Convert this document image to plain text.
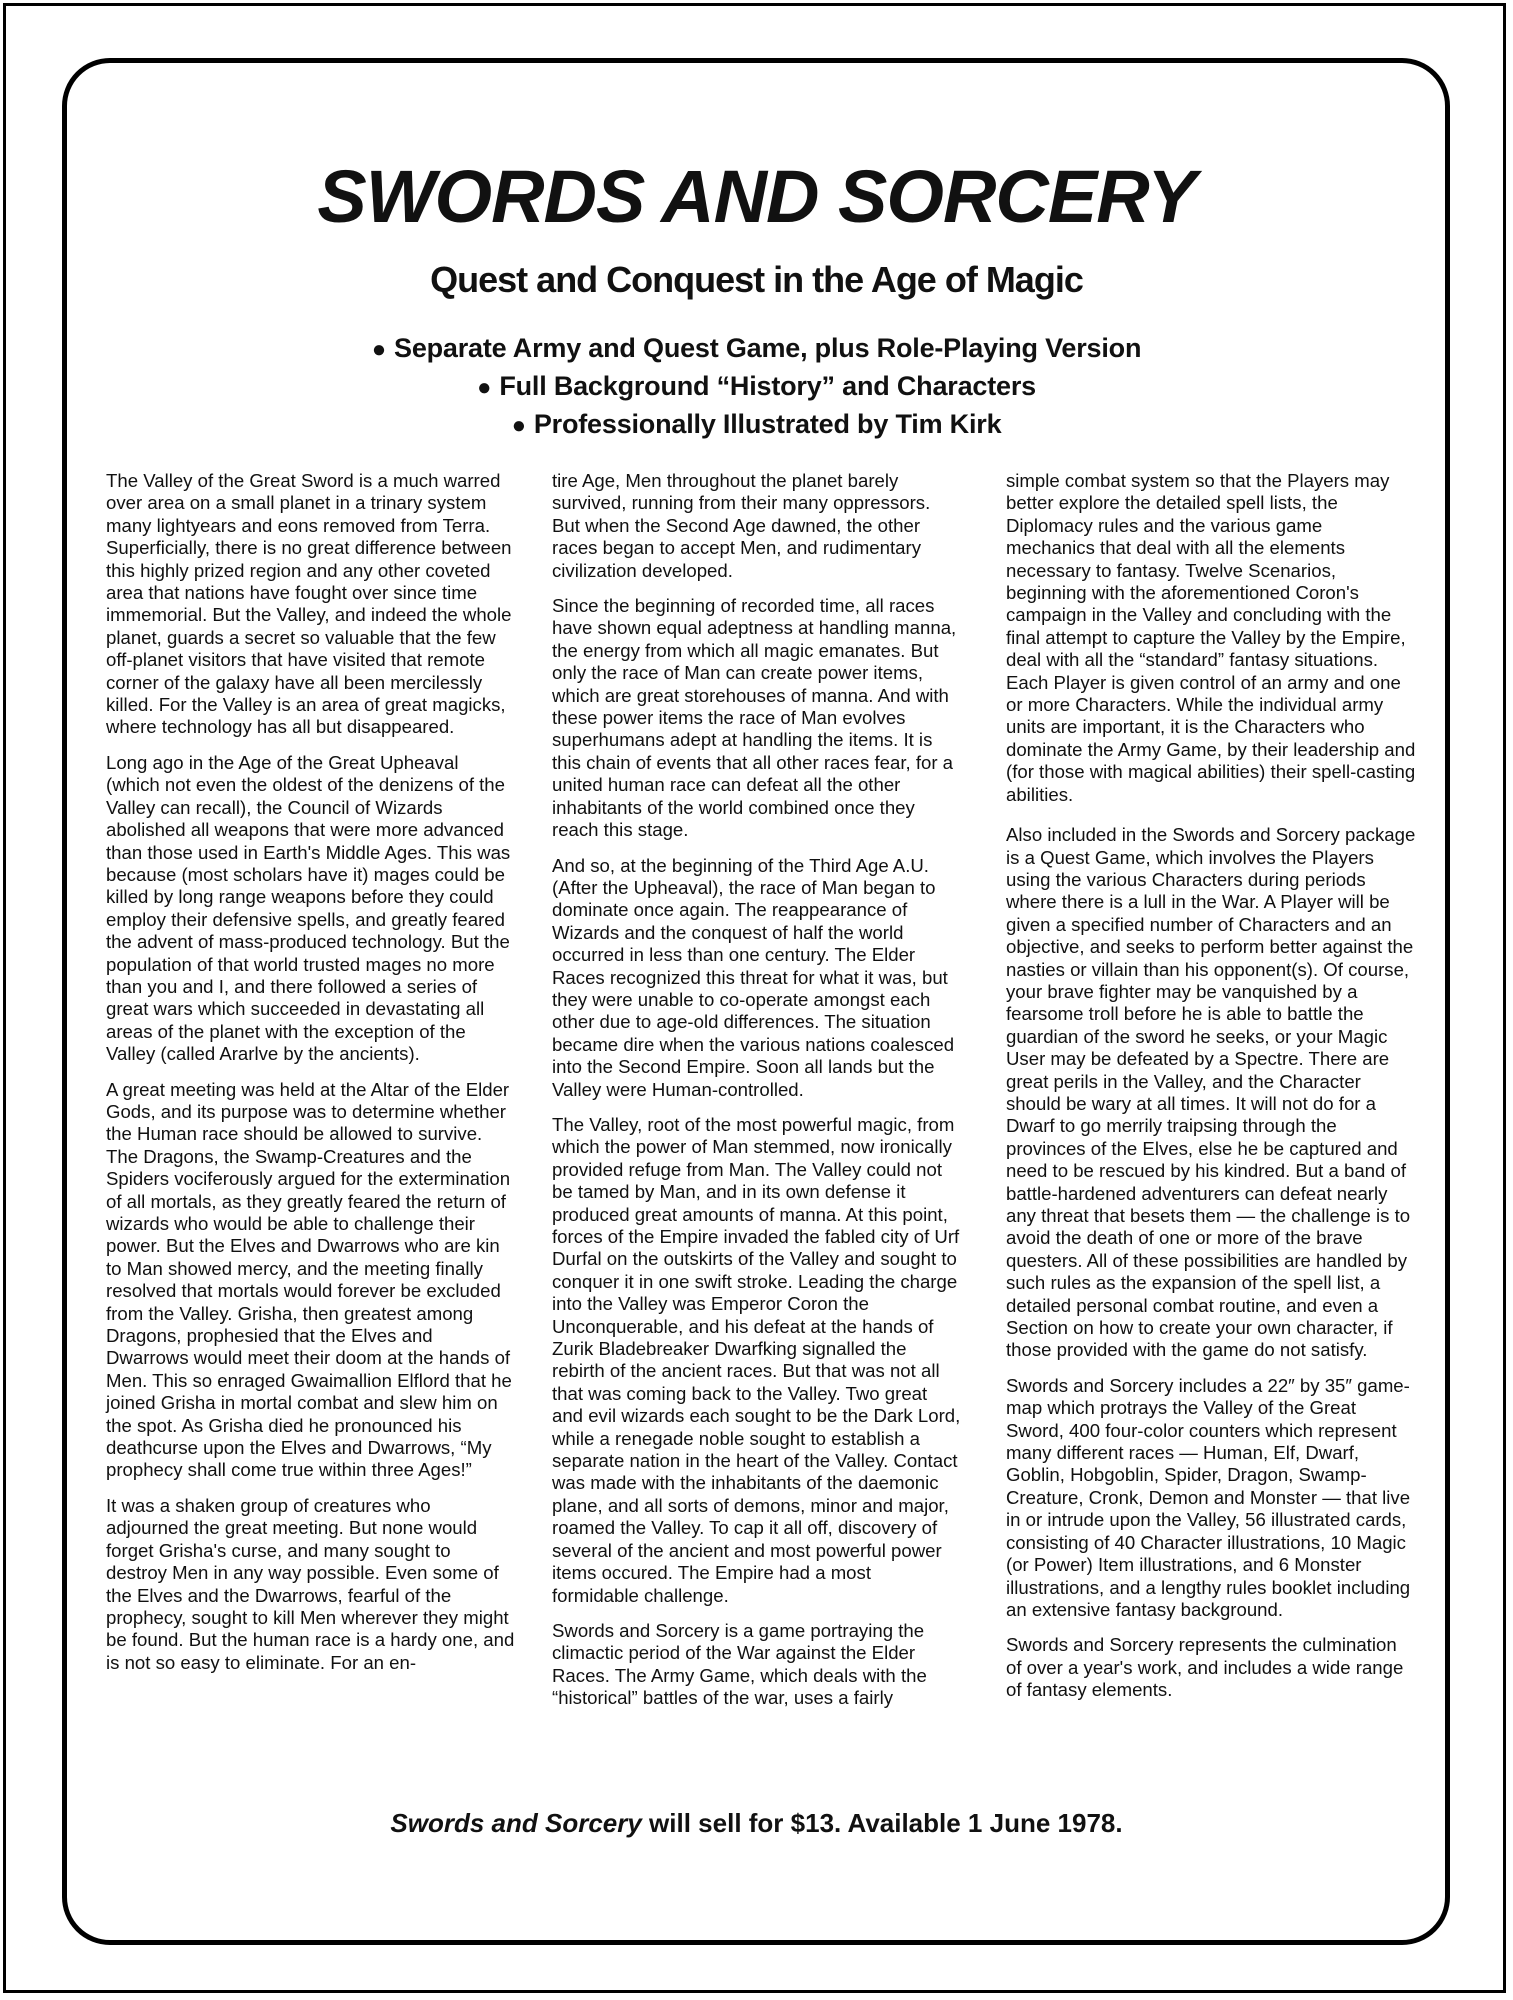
SWORDS AND SORCERY
Quest and Conquest in the Age of Magic
● Separate Army and Quest Game, plus Role-Playing Version
● Full Background “History” and Characters
● Professionally Illustrated by Tim Kirk

The Valley of the Great Sword is a much warred over area on a small planet in a trinary system many lightyears and eons removed from Terra. Superficially, there is no great difference between this highly prized region and any other coveted area that nations have fought over since time immemorial. But the Valley, and indeed the whole planet, guards a secret so valuable that the few off-planet visitors that have visited that remote corner of the galaxy have all been mercilessly killed. For the Valley is an area of great magicks, where technology has all but disappeared.

Long ago in the Age of the Great Upheaval (which not even the oldest of the denizens of the Valley can recall), the Council of Wizards abolished all weapons that were more advanced than those used in Earth's Middle Ages. This was because (most scholars have it) mages could be killed by long range weapons before they could employ their defensive spells, and greatly feared the advent of mass-produced technology. But the population of that world trusted mages no more than you and I, and there followed a series of great wars which succeeded in devastating all areas of the planet with the exception of the Valley (called Ararlve by the ancients).

A great meeting was held at the Altar of the Elder Gods, and its purpose was to determine whether the Human race should be allowed to survive. The Dragons, the Swamp-Creatures and the Spiders vociferously argued for the extermination of all mortals, as they greatly feared the return of wizards who would be able to challenge their power. But the Elves and Dwarrows who are kin to Man showed mercy, and the meeting finally resolved that mortals would forever be excluded from the Valley. Grisha, then greatest among Dragons, prophesied that the Elves and Dwarrows would meet their doom at the hands of Men. This so enraged Gwaimallion Elflord that he joined Grisha in mortal combat and slew him on the spot. As Grisha died he pronounced his deathcurse upon the Elves and Dwarrows, “My prophecy shall come true within three Ages!”

It was a shaken group of creatures who adjourned the great meeting. But none would forget Grisha's curse, and many sought to destroy Men in any way possible. Even some of the Elves and the Dwarrows, fearful of the prophecy, sought to kill Men wherever they might be found. But the human race is a hardy one, and is not so easy to eliminate. For an en-

tire Age, Men throughout the planet barely survived, running from their many oppressors. But when the Second Age dawned, the other races began to accept Men, and rudimentary civilization developed.

Since the beginning of recorded time, all races have shown equal adeptness at handling manna, the energy from which all magic emanates. But only the race of Man can create power items, which are great storehouses of manna. And with these power items the race of Man evolves superhumans adept at handling the items. It is this chain of events that all other races fear, for a united human race can defeat all the other inhabitants of the world combined once they reach this stage.

And so, at the beginning of the Third Age A.U. (After the Upheaval), the race of Man began to dominate once again. The reappearance of Wizards and the conquest of half the world occurred in less than one century. The Elder Races recognized this threat for what it was, but they were unable to co-operate amongst each other due to age-old differences. The situation became dire when the various nations coalesced into the Second Empire. Soon all lands but the Valley were Human-controlled.

The Valley, root of the most powerful magic, from which the power of Man stemmed, now ironically provided refuge from Man. The Valley could not be tamed by Man, and in its own defense it produced great amounts of manna. At this point, forces of the Empire invaded the fabled city of Urf Durfal on the outskirts of the Valley and sought to conquer it in one swift stroke. Leading the charge into the Valley was Emperor Coron the Unconquerable, and his defeat at the hands of Zurik Bladebreaker Dwarfking signalled the rebirth of the ancient races. But that was not all that was coming back to the Valley. Two great and evil wizards each sought to be the Dark Lord, while a renegade noble sought to establish a separate nation in the heart of the Valley. Contact was made with the inhabitants of the daemonic plane, and all sorts of demons, minor and major, roamed the Valley. To cap it all off, discovery of several of the ancient and most powerful power items occured. The Empire had a most formidable challenge.

Swords and Sorcery is a game portraying the climactic period of the War against the Elder Races. The Army Game, which deals with the “historical” battles of the war, uses a fairly

simple combat system so that the Players may better explore the detailed spell lists, the Diplomacy rules and the various game mechanics that deal with all the elements necessary to fantasy. Twelve Scenarios, beginning with the aforementioned Coron's campaign in the Valley and concluding with the final attempt to capture the Valley by the Empire, deal with all the “standard” fantasy situations. Each Player is given control of an army and one or more Characters. While the individual army units are important, it is the Characters who dominate the Army Game, by their leadership and (for those with magical abilities) their spell-casting abilities.

Also included in the Swords and Sorcery package is a Quest Game, which involves the Players using the various Characters during periods where there is a lull in the War. A Player will be given a specified number of Characters and an objective, and seeks to perform better against the nasties or villain than his opponent(s). Of course, your brave fighter may be vanquished by a fearsome troll before he is able to battle the guardian of the sword he seeks, or your Magic User may be defeated by a Spectre. There are great perils in the Valley, and the Character should be wary at all times. It will not do for a Dwarf to go merrily traipsing through the provinces of the Elves, else he be captured and need to be rescued by his kindred. But a band of battle-hardened adventurers can defeat nearly any threat that besets them — the challenge is to avoid the death of one or more of the brave questers. All of these possibilities are handled by such rules as the expansion of the spell list, a detailed personal combat routine, and even a Section on how to create your own character, if those provided with the game do not satisfy.

Swords and Sorcery includes a 22″ by 35″ game-map which protrays the Valley of the Great Sword, 400 four-color counters which represent many different races — Human, Elf, Dwarf, Goblin, Hobgoblin, Spider, Dragon, Swamp-Creature, Cronk, Demon and Monster — that live in or intrude upon the Valley, 56 illustrated cards, consisting of 40 Character illustrations, 10 Magic (or Power) Item illustrations, and 6 Monster illustrations, and a lengthy rules booklet including an extensive fantasy background.

Swords and Sorcery represents the culmination of over a year's work, and includes a wide range of fantasy elements.

Swords and Sorcery will sell for $13. Available 1 June 1978.
